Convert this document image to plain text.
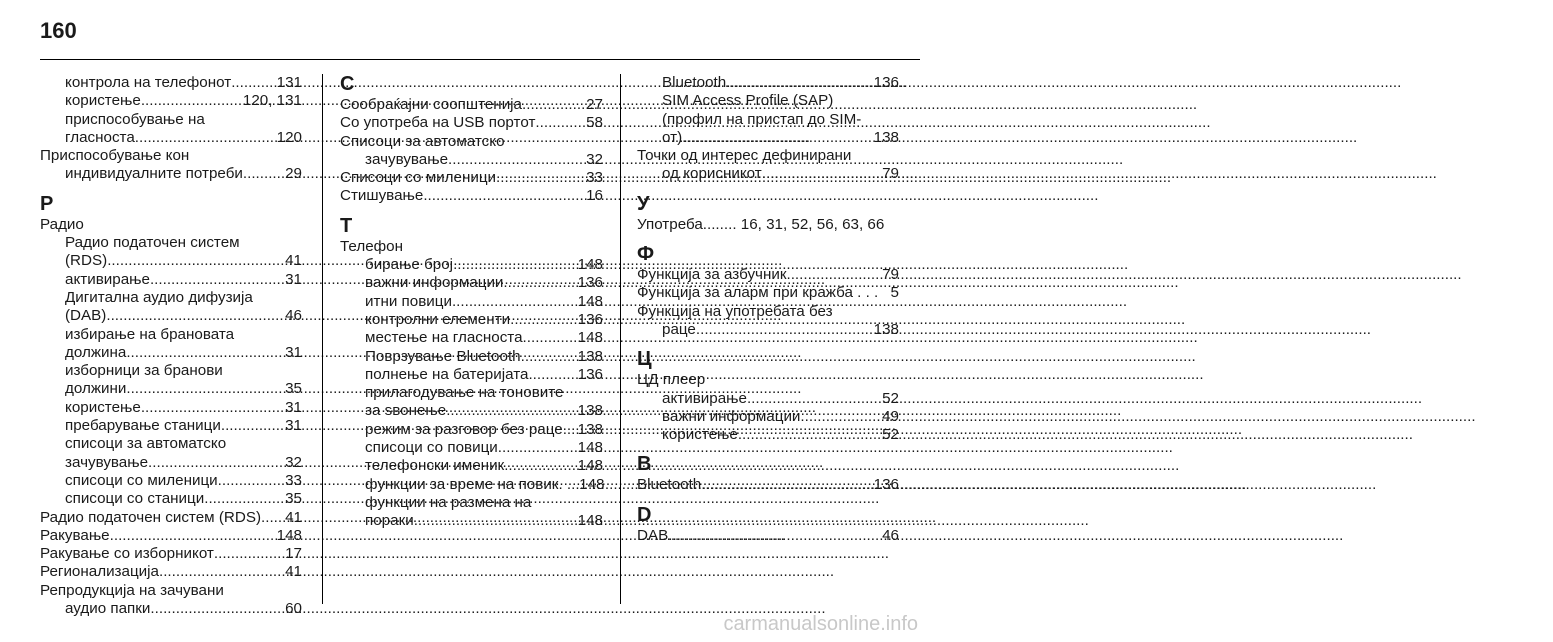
160
контрола на телефонот .....	131
користење .....	120, 131
приспособување на
гласноста .....	120
Приспособување кон
индивидуалните потреби .....	29
Р
Радио
Радио податочен систем
(RDS) .....	41
активирање .....	31
Дигитална аудио дифузија
(DAB) .....	46
избирање на брановата
должина .....	31
изборници за бранови
должини .....	35
користење .....	31
пребарување станици .....	31
списоци за автоматско
зачувување .....	32
списоци со миленици .....	33
списоци со станици .....	35
Радио податочен систем (RDS) ..... 41
Ракување .....	148
Ракување со изборникот .....	17
Регионализација .....	41
Репродукција на зачувани
аудио папки .....	60
С
Сообраќајни соопштенија .....	27
Со употреба на USB портот .....	58
Списоци за автоматско
зачувување .....	32
Списоци со миленици .....	33
Стишување .....	16
Т
Телефон
бирање број .....	148
важни информации .....	136
итни повици .....	148
контролни елементи .....	136
местење на гласноста .....	148
Поврзување Bluetooth .....	138
полнење на батеријата .....	136
прилагодување на тоновите
за ѕвонење .....	138
режим за разговор без раце. ..... 138
списоци со повици .....	148
телефонски именик .....	148
функции за време на повик. . ..... 148
функции на размена на
пораки .....	148
Bluetooth .....	136
SIM Access Profile (SAP)
(профил на пристап до SIM-
от) .....	138
Точки од интерес дефинирани
од корисникот .....	79
У
Употреба........ 16, 31, 52, 56, 63, 66
Ф
Функција за азбучник .....	79
Функција за аларм при кражба . . . 5
Функција на употребата без
раце .....	138
Ц
ЦД плеер
активирање .....	52
важни информации .....	49
користење .....	52
B
Bluetooth .....	136
D
DAB .....	46
carmanualsonline.info
